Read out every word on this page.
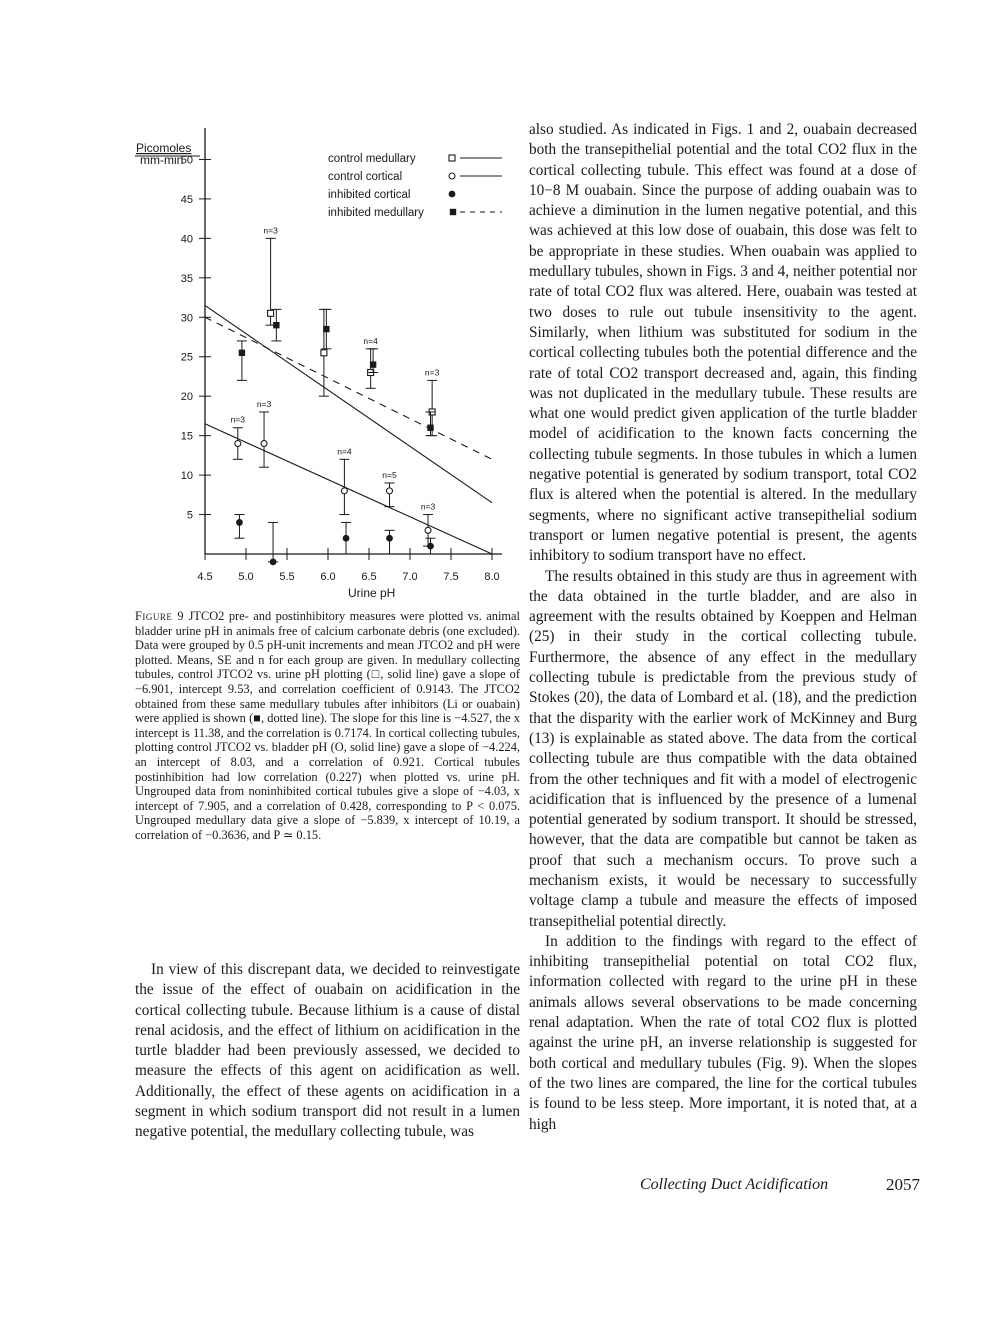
5
10
15
20
25
30
35
40
45
50
4.5 5.0 5.5 6.0 6.5 7.0 7.5 8.0
n=3
n=4
n=3
n=3
n=3
n=4
n=5
n=3
Picomoles
mm-min
Urine pH
control medullary
control cortical
inhibited cortical
inhibited medullary
Figure 9 JTCO2 pre- and postinhibitory measures were plotted vs. animal bladder urine pH in animals free of calcium carbonate debris (one excluded). Data were grouped by 0.5 pH-unit increments and mean JTCO2 and pH were plotted. Means, SE and n for each group are given. In medullary collecting tubules, control JTCO2 vs. urine pH plotting (□, solid line) gave a slope of −6.901, intercept 9.53, and correlation coefficient of 0.9143. The JTCO2 obtained from these same medullary tubules after inhibitors (Li or ouabain) were applied is shown (■, dotted line). The slope for this line is −4.527, the x intercept is 11.38, and the correlation is 0.7174. In cortical collecting tubules, plotting control JTCO2 vs. bladder pH (O, solid line) gave a slope of −4.224, an intercept of 8.03, and a correlation of 0.921. Cortical tubules postinhibition had low correlation (0.227) when plotted vs. urine pH. Ungrouped data from noninhibited cortical tubules give a slope of −4.03, x intercept of 7.905, and a correlation of 0.428, corresponding to P < 0.075. Ungrouped medullary data give a slope of −5.839, x intercept of 10.19, a correlation of −0.3636, and P ≃ 0.15.

In view of this discrepant data, we decided to reinvestigate the issue of the effect of ouabain on acidification in the cortical collecting tubule. Because lithium is a cause of distal renal acidosis, and the effect of lithium on acidification in the turtle bladder had been previously assessed, we decided to measure the effects of this agent on acidification as well. Additionally, the effect of these agents on acidification in a segment in which sodium transport did not result in a lumen negative potential, the medullary collecting tubule, was

also studied. As indicated in Figs. 1 and 2, ouabain decreased both the transepithelial potential and the total CO2 flux in the cortical collecting tubule. This effect was found at a dose of 10−8 M ouabain. Since the purpose of adding ouabain was to achieve a diminution in the lumen negative potential, and this was achieved at this low dose of ouabain, this dose was felt to be appropriate in these studies. When ouabain was applied to medullary tubules, shown in Figs. 3 and 4, neither potential nor rate of total CO2 flux was altered. Here, ouabain was tested at two doses to rule out tubule insensitivity to the agent. Similarly, when lithium was substituted for sodium in the cortical collecting tubules both the potential difference and the rate of total CO2 transport decreased and, again, this finding was not duplicated in the medullary tubule. These results are what one would predict given application of the turtle bladder model of acidification to the known facts concerning the collecting tubule segments. In those tubules in which a lumen negative potential is generated by sodium transport, total CO2 flux is altered when the potential is altered. In the medullary segments, where no significant active transepithelial sodium transport or lumen negative potential is present, the agents inhibitory to sodium transport have no effect.

The results obtained in this study are thus in agreement with the data obtained in the turtle bladder, and are also in agreement with the results obtained by Koeppen and Helman (25) in their study in the cortical collecting tubule. Furthermore, the absence of any effect in the medullary collecting tubule is predictable from the previous study of Stokes (20), the data of Lombard et al. (18), and the prediction that the disparity with the earlier work of McKinney and Burg (13) is explainable as stated above. The data from the cortical collecting tubule are thus compatible with the data obtained from the other techniques and fit with a model of electrogenic acidification that is influenced by the presence of a lumenal potential generated by sodium transport. It should be stressed, however, that the data are compatible but cannot be taken as proof that such a mechanism occurs. To prove such a mechanism exists, it would be necessary to successfully voltage clamp a tubule and measure the effects of imposed transepithelial potential directly.

In addition to the findings with regard to the effect of inhibiting transepithelial potential on total CO2 flux, information collected with regard to the urine pH in these animals allows several observations to be made concerning renal adaptation. When the rate of total CO2 flux is plotted against the urine pH, an inverse relationship is suggested for both cortical and medullary tubules (Fig. 9). When the slopes of the two lines are compared, the line for the cortical tubules is found to be less steep. More important, it is noted that, at a high

Collecting Duct Acidification	2057
